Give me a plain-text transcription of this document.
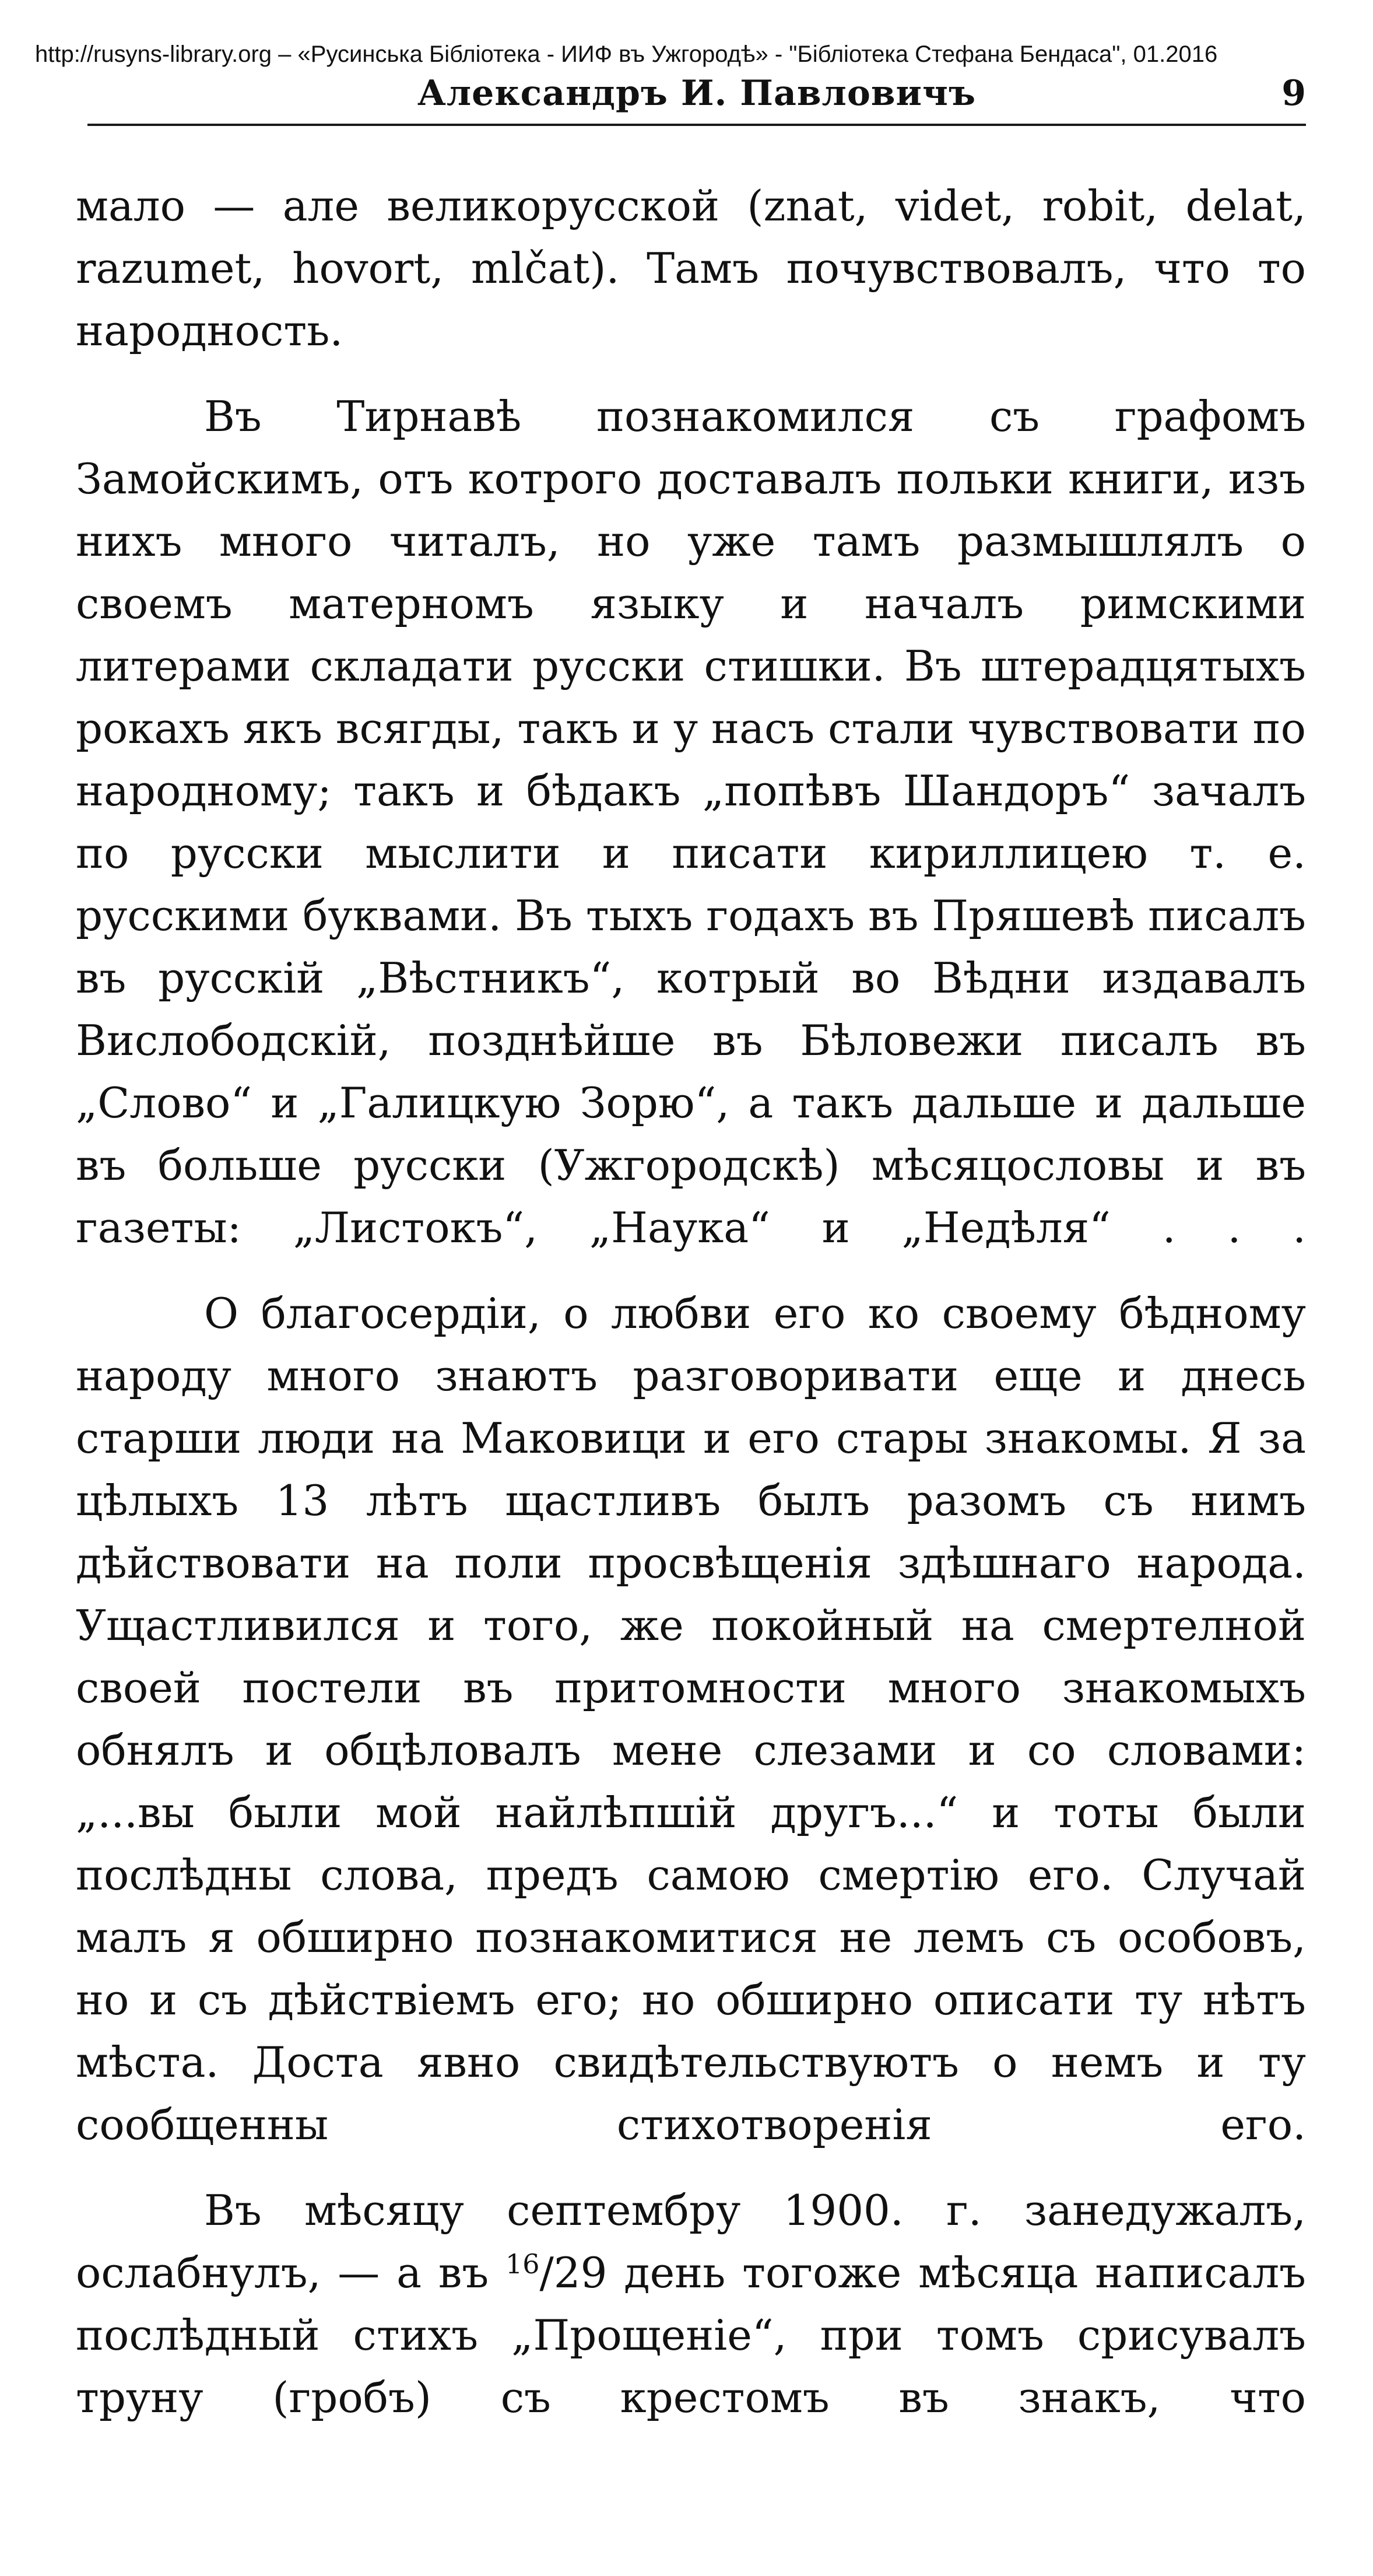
http://rusyns-library.org – «Русинська Бібліотека - ИИФ въ Ужгородѣ» - "Бібліотека Стефана Бендаса", 01.2016
Александръ И. Павловичъ	9

мало — але великорусской (znat, videt, robit, delat, razumet, hovort, mlčat). Тамъ почувствовалъ, что то народность.

Въ Тирнавѣ познакомился съ графомъ Замойскимъ, отъ котрого доставалъ польки книги, изъ нихъ много читалъ, но уже тамъ размышлялъ о своемъ матерномъ языку и началъ римскими литерами складати русски стишки. Въ штерадцятыхъ рокахъ якъ всягды, такъ и у насъ стали чувствовати по народному; такъ и бѣдакъ „попѣвъ Шандоръ“ зачалъ по русски мыслити и писати кириллицею т. е. русскими буквами. Въ тыхъ годахъ въ Пряшевѣ писалъ въ русскій „Вѣстникъ“, котрый во Вѣдни издавалъ Вислободскій, позднѣйше въ Бѣловежи писалъ въ „Слово“ и „Галицкую Зорю“, а такъ дальше и дальше въ больше русски (Ужгородскѣ) мѣсяцословы и въ газеты: „Листокъ“, „Наука“ и „Недѣля“ . . .

О благосердіи, о любви его ко своему бѣдному народу много знаютъ разговоривати еще и днесь старши люди на Маковици и его стары знакомы. Я за цѣлыхъ 13 лѣтъ щастливъ былъ разомъ съ нимъ дѣйствовати на поли просвѣщенія здѣшнаго народа. Ущастливился и того, же покойный на смертелной своей постели въ притомности много знакомыхъ обнялъ и обцѣловалъ мене слезами и со словами: „...вы были мой найлѣпшій другъ...“ и тоты были послѣдны слова, предъ самою смертію его. Случай малъ я обширно познакомитися не лемъ съ особовъ, но и съ дѣйствіемъ его; но обширно описати ту нѣтъ мѣста. Доста явно свидѣтельствуютъ о немъ и ту сообщенны стихотворенія его.

Въ мѣсяцу септембру 1900. г. занедужалъ, ослабнулъ, — а въ $^{16}$/29 день тогоже мѣсяца написалъ послѣдный стихъ „Прощеніе“, при томъ срисувалъ труну (гробъ) съ крестомъ въ знакъ, что
